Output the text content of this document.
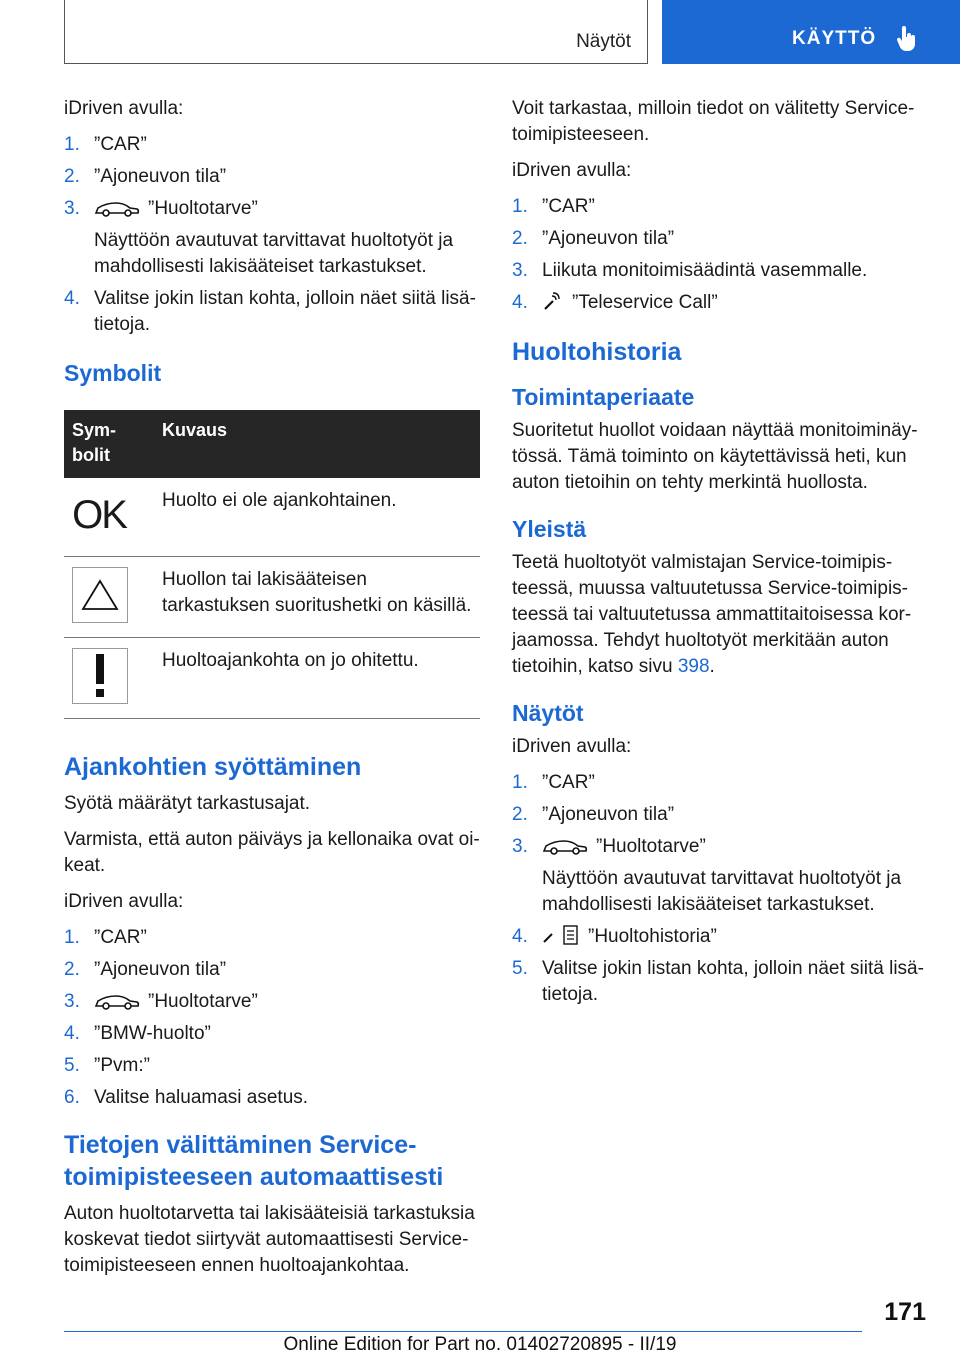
Näytöt	KÄYTTÖ

iDriven avulla:

1. ”CAR”
2. ”Ajoneuvon tila”
3.	”Huoltotarve”
Näyttöön avautuvat tarvittavat huoltotyöt ja mahdollisesti lakisääteiset tarkastukset.
4. Valitse jokin listan kohta, jolloin näet siitä lisä- tietoja.
Symbolit
Sym- bolit	Kuvaus

OK	Huolto ei ole ajankohtainen.

	Huollon tai lakisääteisen tarkastuksen suoritushetki on käsillä.

	Huoltoajankohta on jo ohitettu.
Ajankohtien syöttäminen

Syötä määrätyt tarkastusajat.

Varmista, että auton päiväys ja kellonaika ovat oi- keat.

iDriven avulla:

1. ”CAR”
2. ”Ajoneuvon tila”
3.	”Huoltotarve”
4. ”BMW-huolto”
5. ”Pvm:”
6. Valitse haluamasi asetus.
Tietojen välittäminen Service- toimipisteeseen automaattisesti

Auton huoltotarvetta tai lakisääteisiä tarkastuksia koskevat tiedot siirtyvät automaattisesti Service- toimipisteeseen ennen huoltoajankohtaa.

Voit tarkastaa, milloin tiedot on välitetty Service- toimipisteeseen.

iDriven avulla:

1. ”CAR”
2. ”Ajoneuvon tila”
3. Liikuta monitoimisäädintä vasemmalle.
4. ”Teleservice Call”
Huoltohistoria
Toimintaperiaate

Suoritetut huollot voidaan näyttää monitoiminäy- tössä. Tämä toiminto on käytettävissä heti, kun auton tietoihin on tehty merkintä huollosta.

Yleistä

Teetä huoltotyöt valmistajan Service-toimipis- teessä, muussa valtuutetussa Service-toimipis- teessä tai valtuutetussa ammattitaitoisessa kor- jaamossa. Tehdyt huoltotyöt merkitään auton tietoihin, katso sivu 398.

Näytöt

iDriven avulla:

1. ”CAR”
2. ”Ajoneuvon tila”
3.	”Huoltotarve”
Näyttöön avautuvat tarvittavat huoltotyöt ja mahdollisesti lakisääteiset tarkastukset.
4.	”Huoltohistoria”
5. Valitse jokin listan kohta, jolloin näet siitä lisä- tietoja.
171
Online Edition for Part no. 01402720895 - II/19
